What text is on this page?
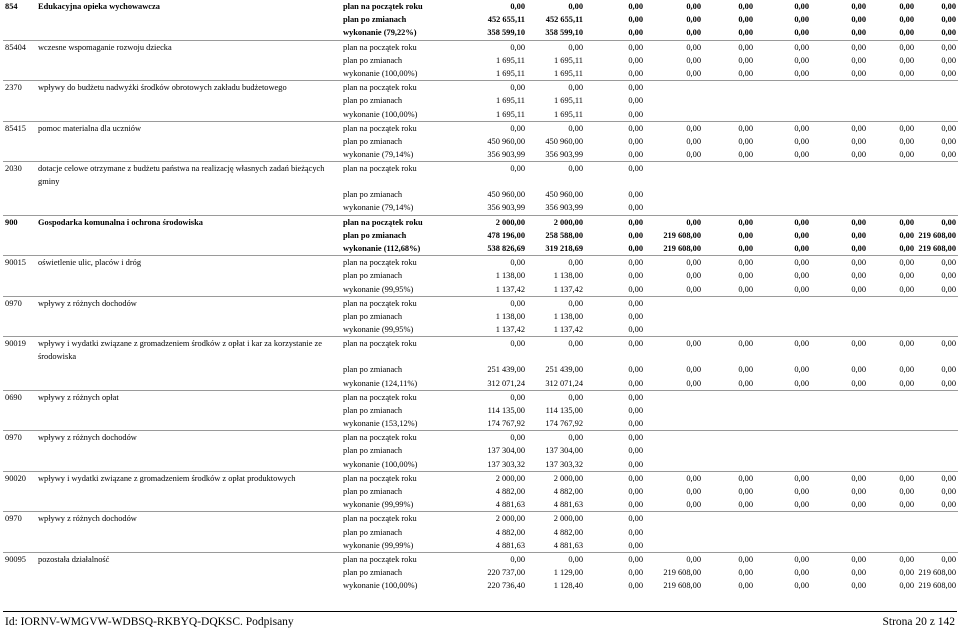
854	Edukacyjna opieka wychowawcza	plan na początek roku	0,00	0,00	0,00	0,00	0,00	0,00	0,00	0,00	0,00
		plan po zmianach	452 655,11	452 655,11	0,00	0,00	0,00	0,00	0,00	0,00	0,00
		wykonanie (79,22%)	358 599,10	358 599,10	0,00	0,00	0,00	0,00	0,00	0,00	0,00
85404	wczesne wspomaganie rozwoju dziecka	plan na początek roku	0,00	0,00	0,00	0,00	0,00	0,00	0,00	0,00	0,00
		plan po zmianach	1 695,11	1 695,11	0,00	0,00	0,00	0,00	0,00	0,00	0,00
		wykonanie (100,00%)	1 695,11	1 695,11	0,00	0,00	0,00	0,00	0,00	0,00	0,00
2370	wpływy do budżetu nadwyżki środków obrotowych zakładu budżetowego	plan na początek roku	0,00	0,00	0,00						
		plan po zmianach	1 695,11	1 695,11	0,00						
		wykonanie (100,00%)	1 695,11	1 695,11	0,00						
85415	pomoc materialna dla uczniów	plan na początek roku	0,00	0,00	0,00	0,00	0,00	0,00	0,00	0,00	0,00
		plan po zmianach	450 960,00	450 960,00	0,00	0,00	0,00	0,00	0,00	0,00	0,00
		wykonanie (79,14%)	356 903,99	356 903,99	0,00	0,00	0,00	0,00	0,00	0,00	0,00
2030	dotacje celowe otrzymane z budżetu państwa na realizację własnych zadań bieżących gminy	plan na początek roku	0,00	0,00	0,00						
		plan po zmianach	450 960,00	450 960,00	0,00						
		wykonanie (79,14%)	356 903,99	356 903,99	0,00						
900	Gospodarka komunalna i ochrona środowiska	plan na początek roku	2 000,00	2 000,00	0,00	0,00	0,00	0,00	0,00	0,00	0,00
		plan po zmianach	478 196,00	258 588,00	0,00	219 608,00	0,00	0,00	0,00	0,00	219 608,00
		wykonanie (112,68%)	538 826,69	319 218,69	0,00	219 608,00	0,00	0,00	0,00	0,00	219 608,00
90015	oświetlenie ulic, placów i dróg	plan na początek roku	0,00	0,00	0,00	0,00	0,00	0,00	0,00	0,00	0,00
		plan po zmianach	1 138,00	1 138,00	0,00	0,00	0,00	0,00	0,00	0,00	0,00
		wykonanie (99,95%)	1 137,42	1 137,42	0,00	0,00	0,00	0,00	0,00	0,00	0,00
0970	wpływy z różnych dochodów	plan na początek roku	0,00	0,00	0,00						
		plan po zmianach	1 138,00	1 138,00	0,00						
		wykonanie (99,95%)	1 137,42	1 137,42	0,00						
90019	wpływy i wydatki związane z gromadzeniem środków z opłat i kar za korzystanie ze środowiska	plan na początek roku	0,00	0,00	0,00	0,00	0,00	0,00	0,00	0,00	0,00
		plan po zmianach	251 439,00	251 439,00	0,00	0,00	0,00	0,00	0,00	0,00	0,00
		wykonanie (124,11%)	312 071,24	312 071,24	0,00	0,00	0,00	0,00	0,00	0,00	0,00
0690	wpływy z różnych opłat	plan na początek roku	0,00	0,00	0,00						
		plan po zmianach	114 135,00	114 135,00	0,00						
		wykonanie (153,12%)	174 767,92	174 767,92	0,00						
0970	wpływy z różnych dochodów	plan na początek roku	0,00	0,00	0,00						
		plan po zmianach	137 304,00	137 304,00	0,00						
		wykonanie (100,00%)	137 303,32	137 303,32	0,00						
90020	wpływy i wydatki związane z gromadzeniem środków z opłat produktowych	plan na początek roku	2 000,00	2 000,00	0,00	0,00	0,00	0,00	0,00	0,00	0,00
		plan po zmianach	4 882,00	4 882,00	0,00	0,00	0,00	0,00	0,00	0,00	0,00
		wykonanie (99,99%)	4 881,63	4 881,63	0,00	0,00	0,00	0,00	0,00	0,00	0,00
0970	wpływy z różnych dochodów	plan na początek roku	2 000,00	2 000,00	0,00						
		plan po zmianach	4 882,00	4 882,00	0,00						
		wykonanie (99,99%)	4 881,63	4 881,63	0,00						
90095	pozostała działalność	plan na początek roku	0,00	0,00	0,00	0,00	0,00	0,00	0,00	0,00	0,00
		plan po zmianach	220 737,00	1 129,00	0,00	219 608,00	0,00	0,00	0,00	0,00	219 608,00
		wykonanie (100,00%)	220 736,40	1 128,40	0,00	219 608,00	0,00	0,00	0,00	0,00	219 608,00
Id: IORNV-WMGVW-WDBSQ-RKBYQ-DQKSC. Podpisany	Strona 20 z 142
